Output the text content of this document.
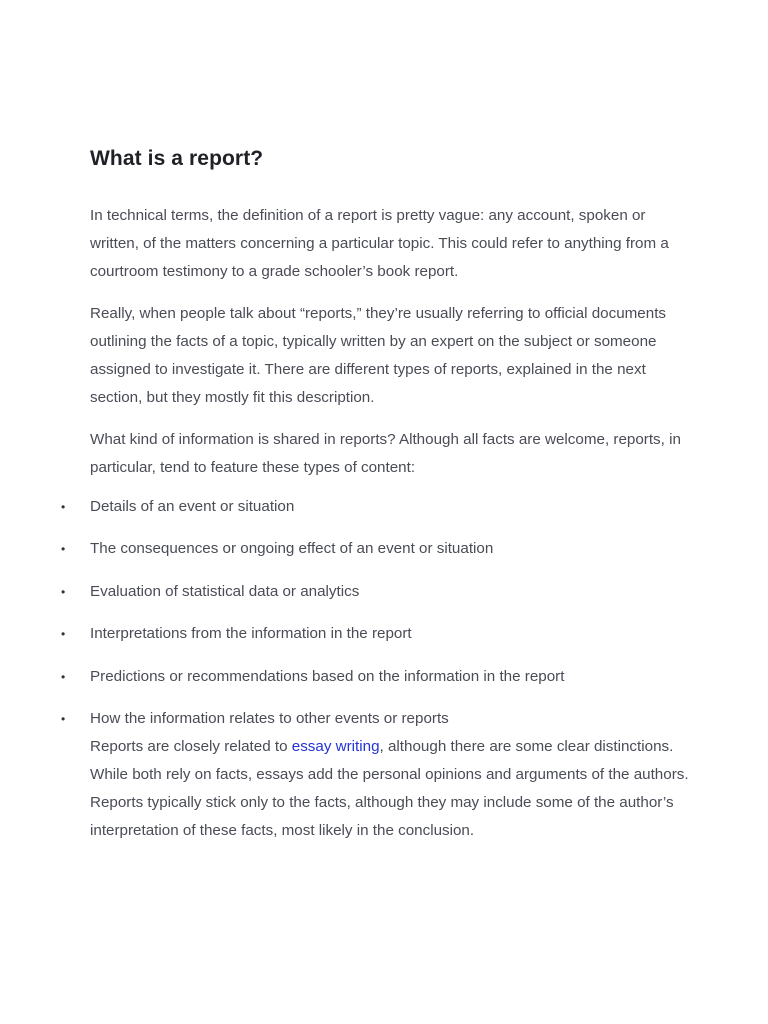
What is a report?

In technical terms, the definition of a report is pretty vague: any account, spoken or written, of the matters concerning a particular topic. This could refer to anything from a courtroom testimony to a grade schooler’s book report.

Really, when people talk about “reports,” they’re usually referring to official documents outlining the facts of a topic, typically written by an expert on the subject or someone assigned to investigate it. There are different types of reports, explained in the next section, but they mostly fit this description.

What kind of information is shared in reports? Although all facts are welcome, reports, in particular, tend to feature these types of content:

• Details of an event or situation
• The consequences or ongoing effect of an event or situation
• Evaluation of statistical data or analytics
• Interpretations from the information in the report
• Predictions or recommendations based on the information in the report
• How the information relates to other events or reports

Reports are closely related to essay writing, although there are some clear distinctions. While both rely on facts, essays add the personal opinions and arguments of the authors. Reports typically stick only to the facts, although they may include some of the author’s interpretation of these facts, most likely in the conclusion.
